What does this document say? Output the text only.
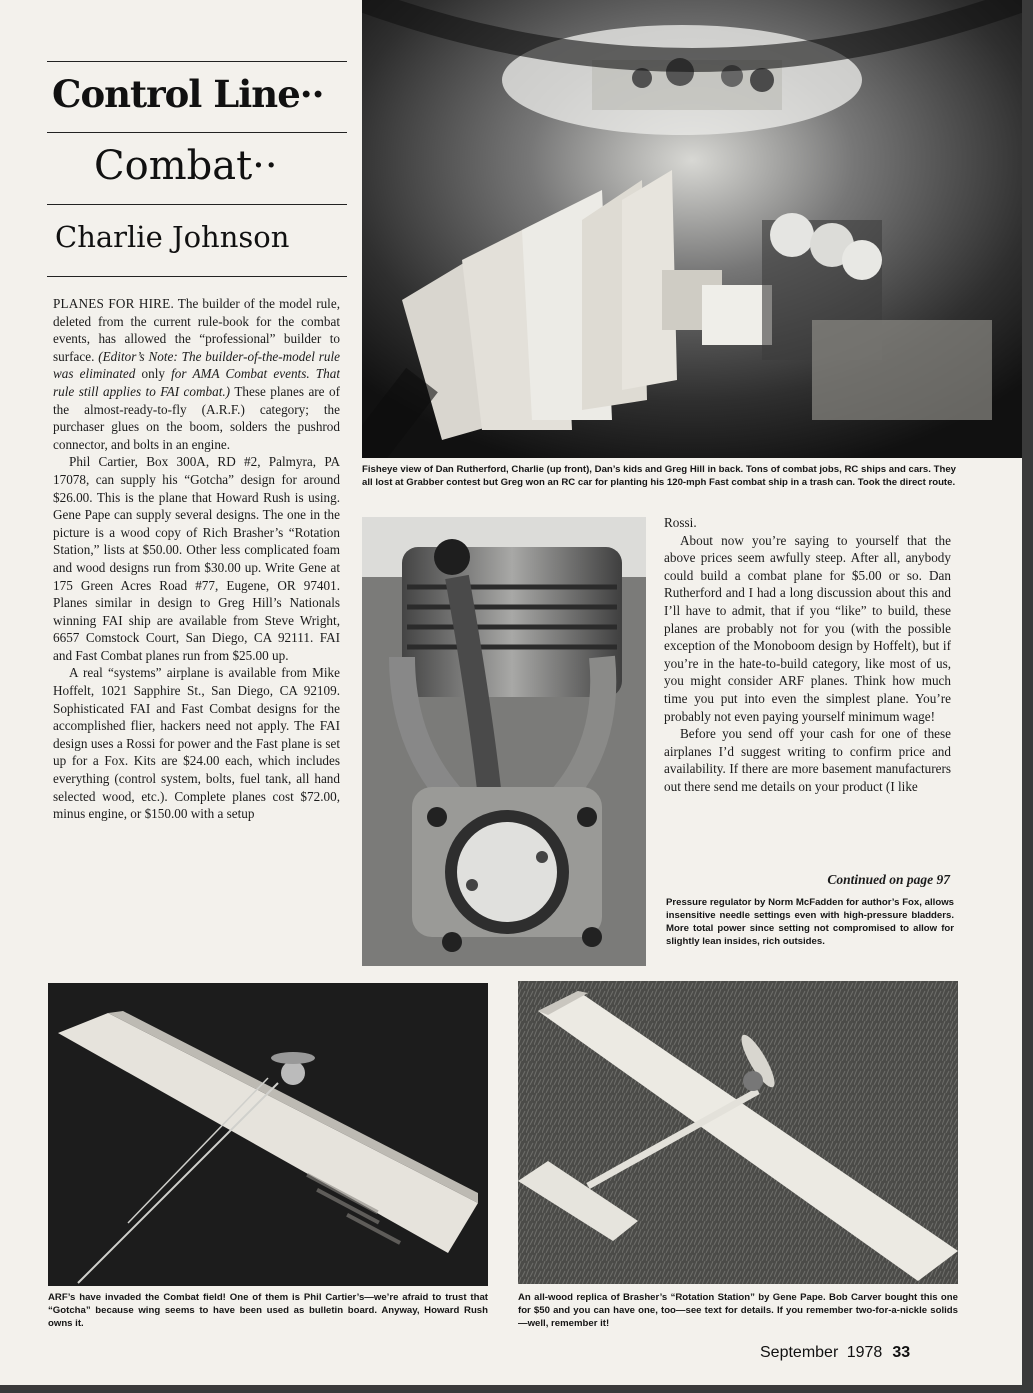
Control Line··
Combat··
Charlie Johnson

PLANES FOR HIRE. The builder of the model rule, deleted from the current rule-book for the combat events, has allowed the “professional” builder to surface. (Editor’s Note: The builder-of-the-model rule was eliminated only for AMA Combat events. That rule still applies to FAI combat.) These planes are of the almost-ready-to-fly (A.R.F.) category; the purchaser glues on the boom, solders the pushrod connector, and bolts in an engine.

Phil Cartier, Box 300A, RD #2, Palmyra, PA 17078, can supply his “Gotcha” design for around $26.00. This is the plane that Howard Rush is using. Gene Pape can supply several designs. The one in the picture is a wood copy of Rich Brasher’s “Rotation Station,” lists at $50.00. Other less complicated foam and wood designs run from $30.00 up. Write Gene at 175 Green Acres Road #77, Eugene, OR 97401. Planes similar in design to Greg Hill’s Nationals winning FAI ship are available from Steve Wright, 6657 Comstock Court, San Diego, CA 92111. FAI and Fast Combat planes run from $25.00 up.

A real “systems” airplane is available from Mike Hoffelt, 1021 Sapphire St., San Diego, CA 92109. Sophisticated FAI and Fast Combat designs for the accomplished flier, hackers need not apply. The FAI design uses a Rossi for power and the Fast plane is set up for a Fox. Kits are $24.00 each, which includes everything (control system, bolts, fuel tank, all hand selected wood, etc.). Complete planes cost $72.00, minus engine, or $150.00 with a setup

Fisheye view of Dan Rutherford, Charlie (up front), Dan’s kids and Greg Hill in back. Tons of combat jobs, RC ships and cars. They all lost at Grabber contest but Greg won an RC car for planting his 120-mph Fast combat ship in a trash can. Took the direct route.

Rossi.

About now you’re saying to yourself that the above prices seem awfully steep. After all, anybody could build a combat plane for $5.00 or so. Dan Rutherford and I had a long discussion about this and I’ll have to admit, that if you “like” to build, these planes are probably not for you (with the possible exception of the Monoboom design by Hoffelt), but if you’re in the hate-to-build category, like most of us, you might consider ARF planes. Think how much time you put into even the simplest plane. You’re probably not even paying yourself minimum wage!

Before you send off your cash for one of these airplanes I’d suggest writing to confirm price and availability. If there are more basement manufacturers out there send me details on your product (I like

Continued on page 97
Pressure regulator by Norm McFadden for author’s Fox, allows insensitive needle settings even with high-pressure bladders. More total power since setting not compromised to allow for slightly lean insides, rich outsides.
ARF’s have invaded the Combat field! One of them is Phil Cartier’s—we’re afraid to trust that “Gotcha” because wing seems to have been used as bulletin board. Anyway, Howard Rush owns it.
An all-wood replica of Brasher’s “Rotation Station” by Gene Pape. Bob Carver bought this one for $50 and you can have one, too—see text for details. If you remember two-for-a-nickle solids—well, remember it!
September 1978 33
